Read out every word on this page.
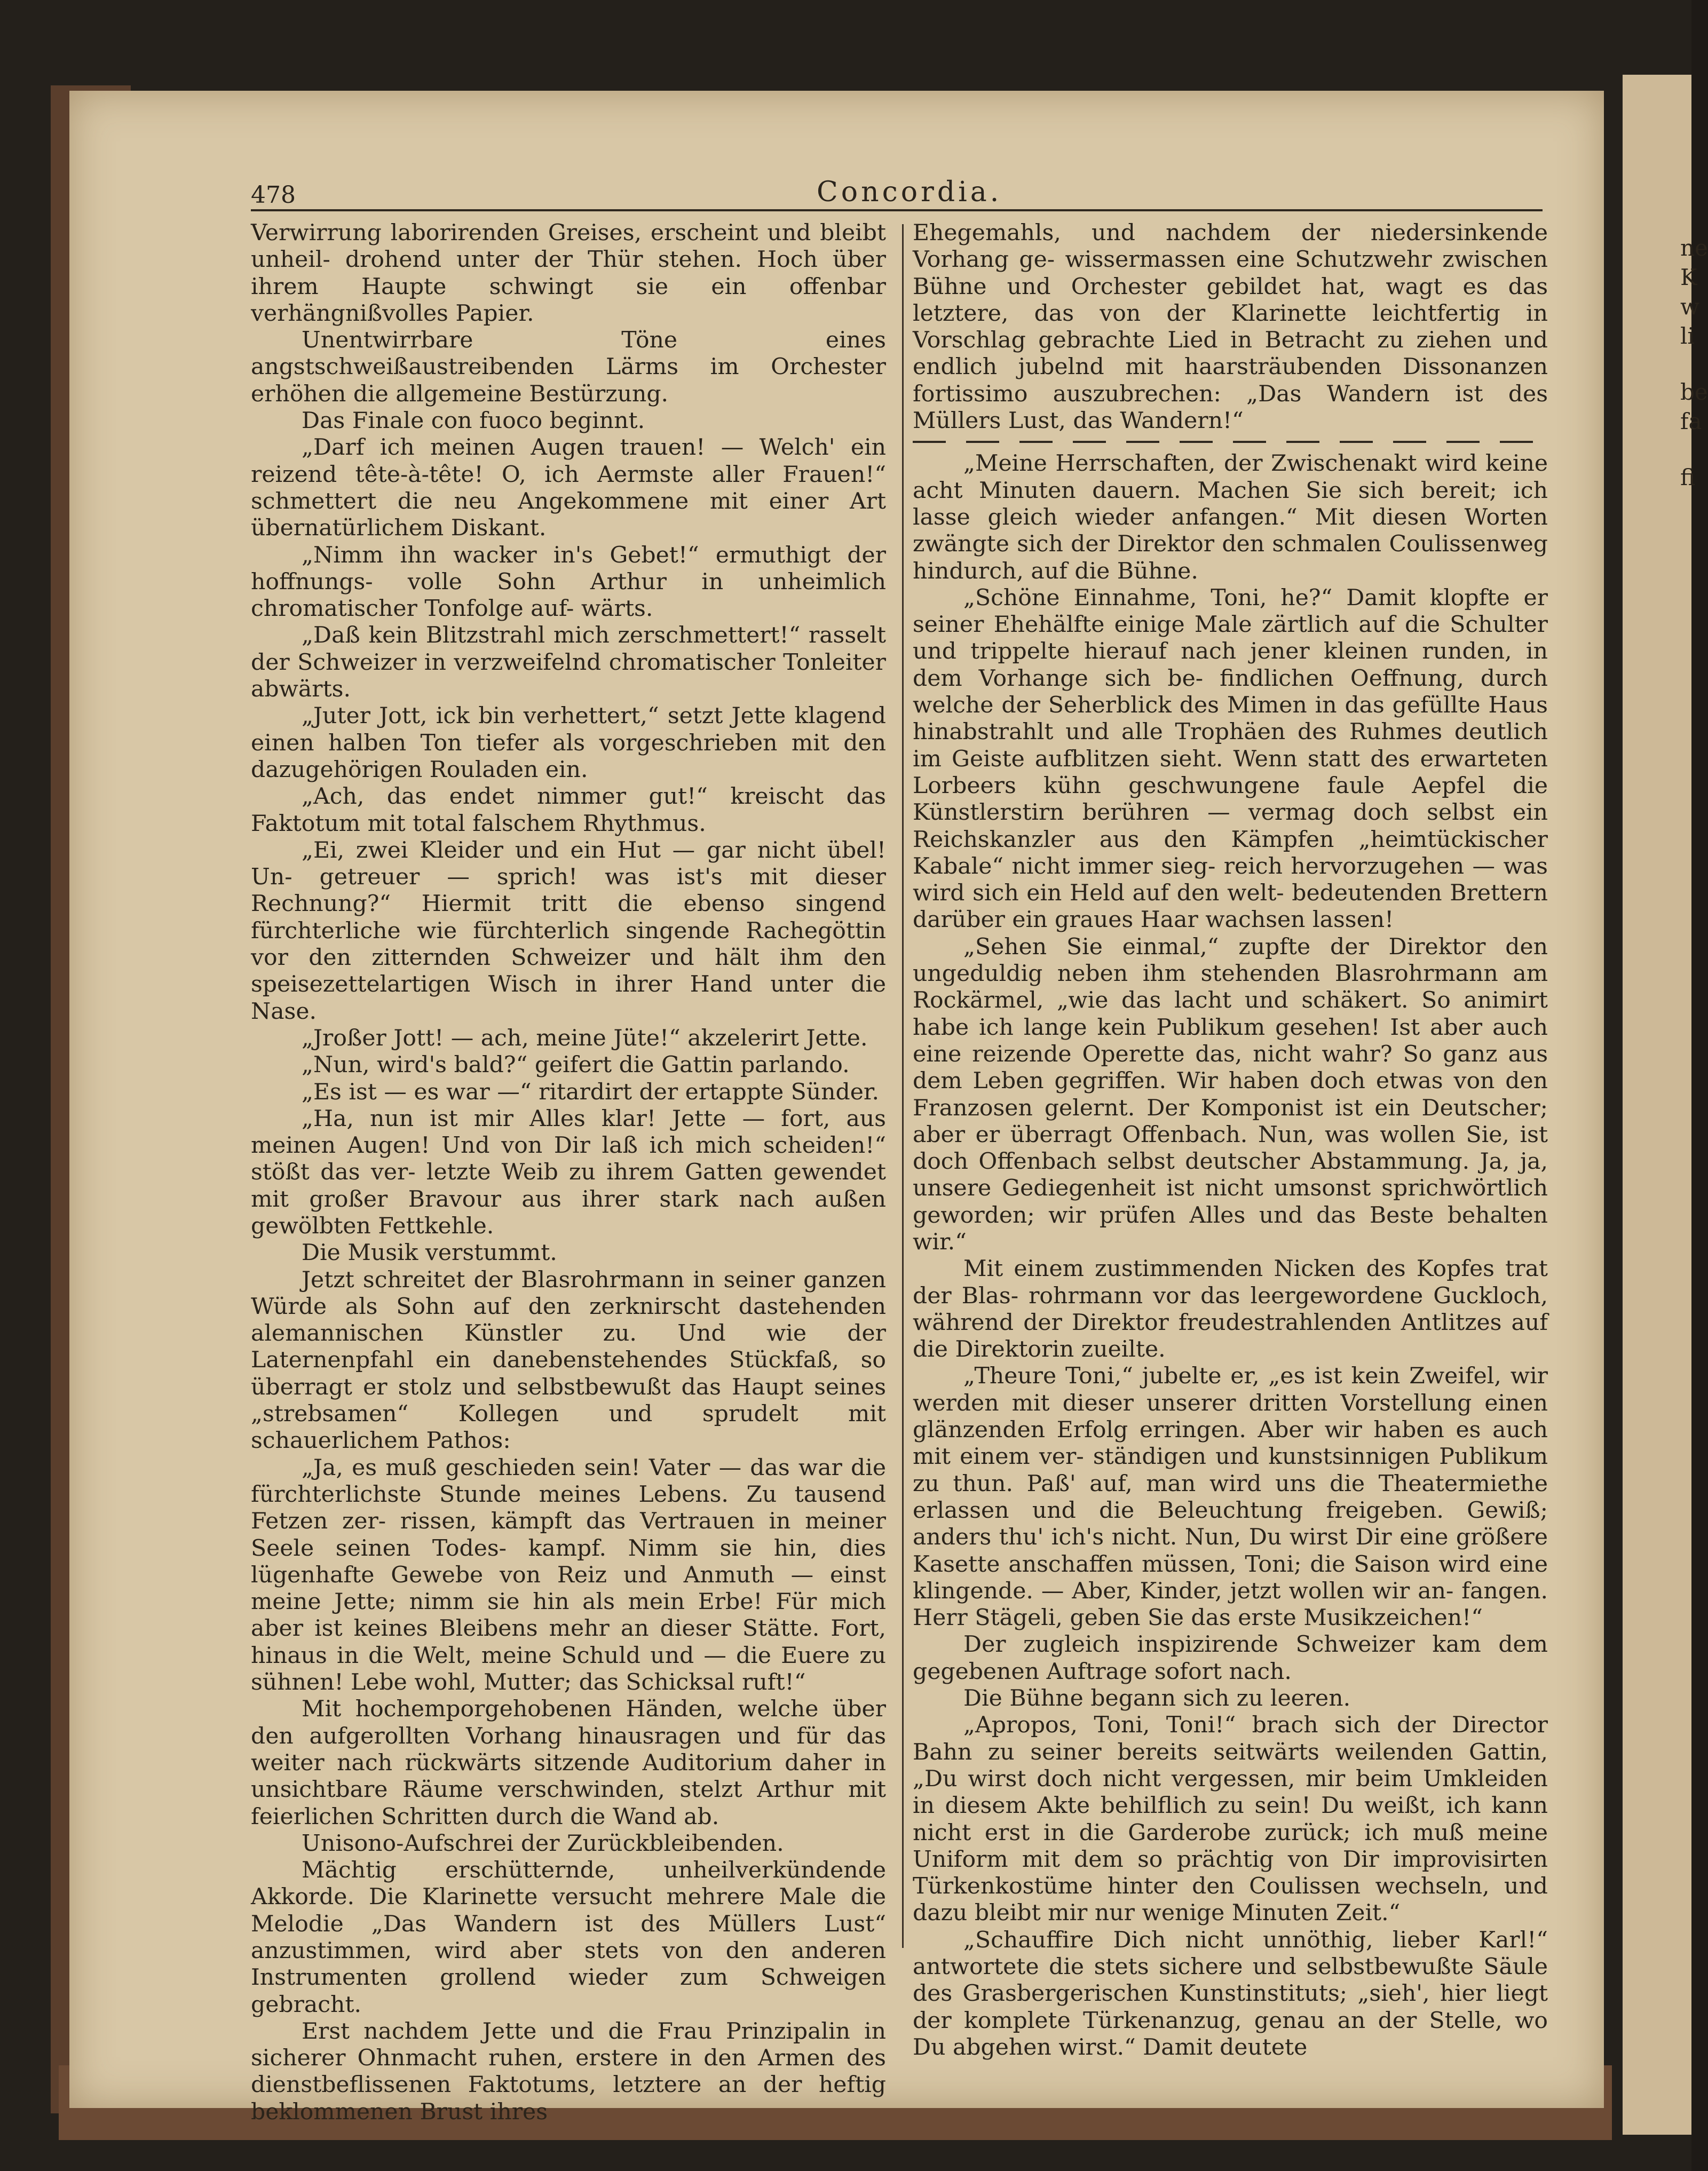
ne
K
w
li
be
fa
fi
478	Concordia.

Verwirrung laborirenden Greises, erscheint und bleibt unheil- drohend unter der Thür stehen. Hoch über ihrem Haupte schwingt sie ein offenbar verhängnißvolles Papier.

Unentwirrbare Töne eines angstschweißaustreibenden Lärms im Orchester erhöhen die allgemeine Bestürzung.

Das Finale con fuoco beginnt.

„Darf ich meinen Augen trauen! — Welch' ein reizend tête-à-tête! O, ich Aermste aller Frauen!“ schmettert die neu Angekommene mit einer Art übernatürlichem Diskant.

„Nimm ihn wacker in's Gebet!“ ermuthigt der hoffnungs- volle Sohn Arthur in unheimlich chromatischer Tonfolge auf- wärts.

„Daß kein Blitzstrahl mich zerschmettert!“ rasselt der Schweizer in verzweifelnd chromatischer Tonleiter abwärts.

„Juter Jott, ick bin verhettert,“ setzt Jette klagend einen halben Ton tiefer als vorgeschrieben mit den dazugehörigen Rouladen ein.

„Ach, das endet nimmer gut!“ kreischt das Faktotum mit total falschem Rhythmus.

„Ei, zwei Kleider und ein Hut — gar nicht übel! Un- getreuer — sprich! was ist's mit dieser Rechnung?“ Hiermit tritt die ebenso singend fürchterliche wie fürchterlich singende Rachegöttin vor den zitternden Schweizer und hält ihm den speisezettelartigen Wisch in ihrer Hand unter die Nase.

„Jroßer Jott! — ach, meine Jüte!“ akzelerirt Jette.

„Nun, wird's bald?“ geifert die Gattin parlando.

„Es ist — es war —“ ritardirt der ertappte Sünder.

„Ha, nun ist mir Alles klar! Jette — fort, aus meinen Augen! Und von Dir laß ich mich scheiden!“ stößt das ver- letzte Weib zu ihrem Gatten gewendet mit großer Bravour aus ihrer stark nach außen gewölbten Fettkehle.

Die Musik verstummt.

Jetzt schreitet der Blasrohrmann in seiner ganzen Würde als Sohn auf den zerknirscht dastehenden alemannischen Künstler zu. Und wie der Laternenpfahl ein danebenstehendes Stückfaß, so überragt er stolz und selbstbewußt das Haupt seines „strebsamen“ Kollegen und sprudelt mit schauerlichem Pathos:

„Ja, es muß geschieden sein! Vater — das war die fürchterlichste Stunde meines Lebens. Zu tausend Fetzen zer- rissen, kämpft das Vertrauen in meiner Seele seinen Todes- kampf. Nimm sie hin, dies lügenhafte Gewebe von Reiz und Anmuth — einst meine Jette; nimm sie hin als mein Erbe! Für mich aber ist keines Bleibens mehr an dieser Stätte. Fort, hinaus in die Welt, meine Schuld und — die Euere zu sühnen! Lebe wohl, Mutter; das Schicksal ruft!“

Mit hochemporgehobenen Händen, welche über den aufgerollten Vorhang hinausragen und für das weiter nach rückwärts sitzende Auditorium daher in unsichtbare Räume verschwinden, stelzt Arthur mit feierlichen Schritten durch die Wand ab.

Unisono-Aufschrei der Zurückbleibenden.

Mächtig erschütternde, unheilverkündende Akkorde. Die Klarinette versucht mehrere Male die Melodie „Das Wandern ist des Müllers Lust“ anzustimmen, wird aber stets von den anderen Instrumenten grollend wieder zum Schweigen gebracht.

Erst nachdem Jette und die Frau Prinzipalin in sicherer Ohnmacht ruhen, erstere in den Armen des dienstbeflissenen Faktotums, letztere an der heftig beklommenen Brust ihres

Ehegemahls, und nachdem der niedersinkende Vorhang ge- wissermassen eine Schutzwehr zwischen Bühne und Orchester gebildet hat, wagt es das letztere, das von der Klarinette leichtfertig in Vorschlag gebrachte Lied in Betracht zu ziehen und endlich jubelnd mit haarsträubenden Dissonanzen fortissimo auszubrechen: „Das Wandern ist des Müllers Lust, das Wandern!“

„Meine Herrschaften, der Zwischenakt wird keine acht Minuten dauern. Machen Sie sich bereit; ich lasse gleich wieder anfangen.“ Mit diesen Worten zwängte sich der Direktor den schmalen Coulissenweg hindurch, auf die Bühne.

„Schöne Einnahme, Toni, he?“ Damit klopfte er seiner Ehehälfte einige Male zärtlich auf die Schulter und trippelte hierauf nach jener kleinen runden, in dem Vorhange sich be- findlichen Oeffnung, durch welche der Seherblick des Mimen in das gefüllte Haus hinabstrahlt und alle Trophäen des Ruhmes deutlich im Geiste aufblitzen sieht. Wenn statt des erwarteten Lorbeers kühn geschwungene faule Aepfel die Künstlerstirn berühren — vermag doch selbst ein Reichskanzler aus den Kämpfen „heimtückischer Kabale“ nicht immer sieg- reich hervorzugehen — was wird sich ein Held auf den welt- bedeutenden Brettern darüber ein graues Haar wachsen lassen!

„Sehen Sie einmal,“ zupfte der Direktor den ungeduldig neben ihm stehenden Blasrohrmann am Rockärmel, „wie das lacht und schäkert. So animirt habe ich lange kein Publikum gesehen! Ist aber auch eine reizende Operette das, nicht wahr? So ganz aus dem Leben gegriffen. Wir haben doch etwas von den Franzosen gelernt. Der Komponist ist ein Deutscher; aber er überragt Offenbach. Nun, was wollen Sie, ist doch Offenbach selbst deutscher Abstammung. Ja, ja, unsere Gediegenheit ist nicht umsonst sprichwörtlich geworden; wir prüfen Alles und das Beste behalten wir.“

Mit einem zustimmenden Nicken des Kopfes trat der Blas- rohrmann vor das leergewordene Guckloch, während der Direktor freudestrahlenden Antlitzes auf die Direktorin zueilte.

„Theure Toni,“ jubelte er, „es ist kein Zweifel, wir werden mit dieser unserer dritten Vorstellung einen glänzenden Erfolg erringen. Aber wir haben es auch mit einem ver- ständigen und kunstsinnigen Publikum zu thun. Paß' auf, man wird uns die Theatermiethe erlassen und die Beleuchtung freigeben. Gewiß; anders thu' ich's nicht. Nun, Du wirst Dir eine größere Kasette anschaffen müssen, Toni; die Saison wird eine klingende. — Aber, Kinder, jetzt wollen wir an- fangen. Herr Stägeli, geben Sie das erste Musikzeichen!“

Der zugleich inspizirende Schweizer kam dem gegebenen Auftrage sofort nach.

Die Bühne begann sich zu leeren.

„Apropos, Toni, Toni!“ brach sich der Director Bahn zu seiner bereits seitwärts weilenden Gattin, „Du wirst doch nicht vergessen, mir beim Umkleiden in diesem Akte behilflich zu sein! Du weißt, ich kann nicht erst in die Garderobe zurück; ich muß meine Uniform mit dem so prächtig von Dir improvisirten Türkenkostüme hinter den Coulissen wechseln, und dazu bleibt mir nur wenige Minuten Zeit.“

„Schauffire Dich nicht unnöthig, lieber Karl!“ antwortete die stets sichere und selbstbewußte Säule des Grasbergerischen Kunstinstituts; „sieh', hier liegt der komplete Türkenanzug, genau an der Stelle, wo Du abgehen wirst.“ Damit deutete
